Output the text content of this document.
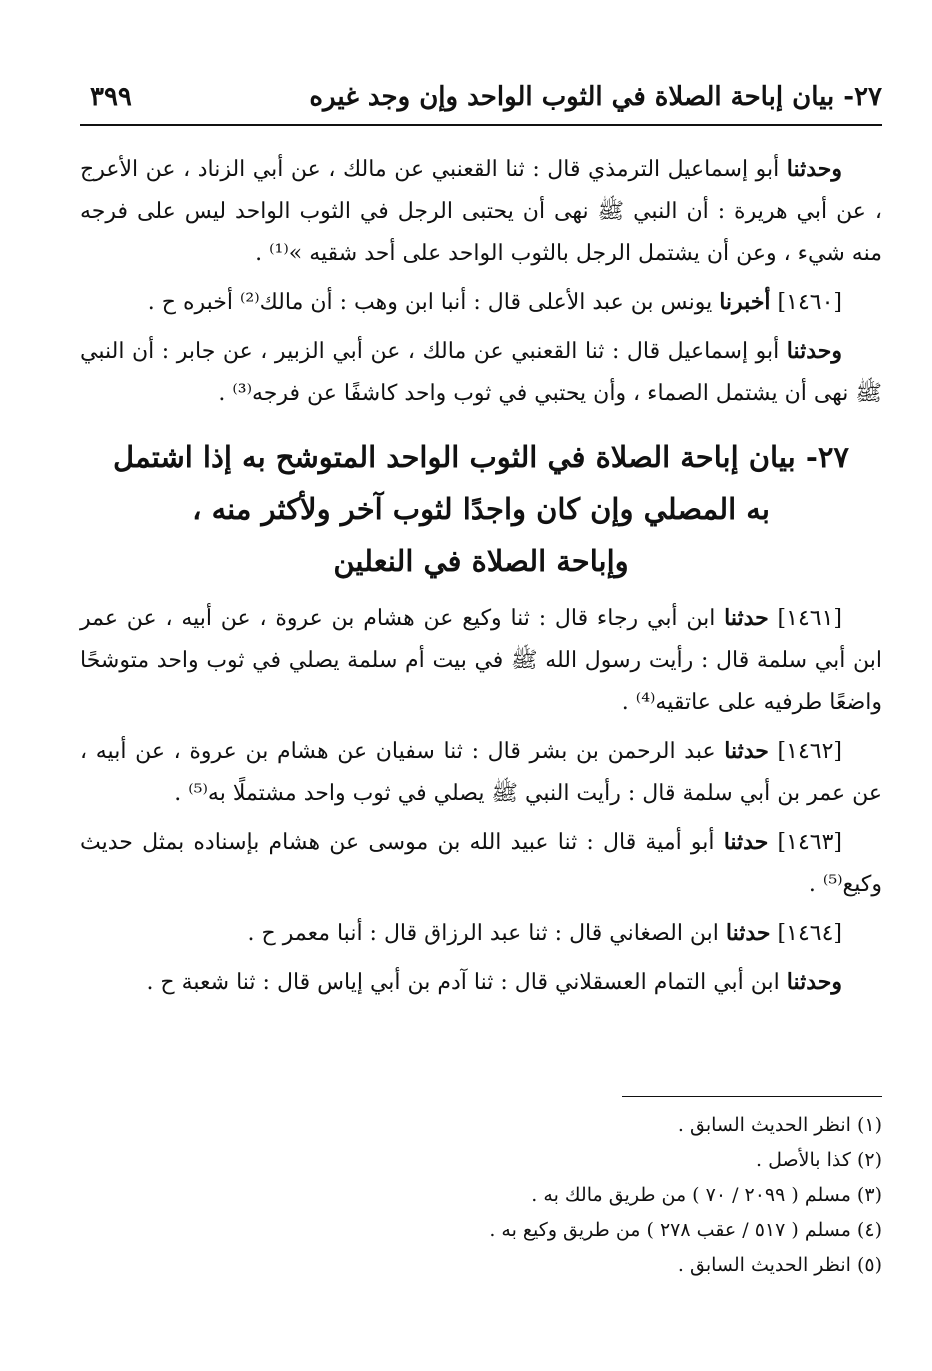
٢٧- بيان إباحة الصلاة في الثوب الواحد وإن وجد غيره
٣٩٩

وحدثنا أبو إسماعيل الترمذي قال : ثنا القعنبي عن مالك ، عن أبي الزناد ، عن الأعرج ، عن أبي هريرة : أن النبي ﷺ نهى أن يحتبى الرجل في الثوب الواحد ليس على فرجه منه شيء ، وعن أن يشتمل الرجل بالثوب الواحد على أحد شقيه »⁽¹⁾ .

[١٤٦٠] أخبرنا يونس بن عبد الأعلى قال : أنبا ابن وهب : أن مالك⁽²⁾ أخبره ح .

وحدثنا أبو إسماعيل قال : ثنا القعنبي عن مالك ، عن أبي الزبير ، عن جابر : أن النبي ﷺ نهى أن يشتمل الصماء ، وأن يحتبي في ثوب واحد كاشفًا عن فرجه⁽³⁾ .

٢٧- بيان إباحة الصلاة في الثوب الواحد المتوشح به إذا اشتمل
به المصلي وإن كان واجدًا لثوب آخر ولأكثر منه ،
وإباحة الصلاة في النعلين

[١٤٦١] حدثنا ابن أبي رجاء قال : ثنا وكيع عن هشام بن عروة ، عن أبيه ، عن عمر ابن أبي سلمة قال : رأيت رسول الله ﷺ في بيت أم سلمة يصلي في ثوب واحد متوشحًا واضعًا طرفيه على عاتقيه⁽⁴⁾ .

[١٤٦٢] حدثنا عبد الرحمن بن بشر قال : ثنا سفيان عن هشام بن عروة ، عن أبيه ، عن عمر بن أبي سلمة قال : رأيت النبي ﷺ يصلي في ثوب واحد مشتملًا به⁽⁵⁾ .

[١٤٦٣] حدثنا أبو أمية قال : ثنا عبيد الله بن موسى عن هشام بإسناده بمثل حديث وكيع⁽⁵⁾ .

[١٤٦٤] حدثنا ابن الصغاني قال : ثنا عبد الرزاق قال : أنبا معمر ح .

وحدثنا ابن أبي التمام العسقلاني قال : ثنا آدم بن أبي إياس قال : ثنا شعبة ح .

(١) انظر الحديث السابق .

(٢) كذا بالأصل .

(٣) مسلم ( ٢٠٩٩ / ٧٠ ) من طريق مالك به .

(٤) مسلم ( ٥١٧ / عقب ٢٧٨ ) من طريق وكيع به .

(٥) انظر الحديث السابق .
